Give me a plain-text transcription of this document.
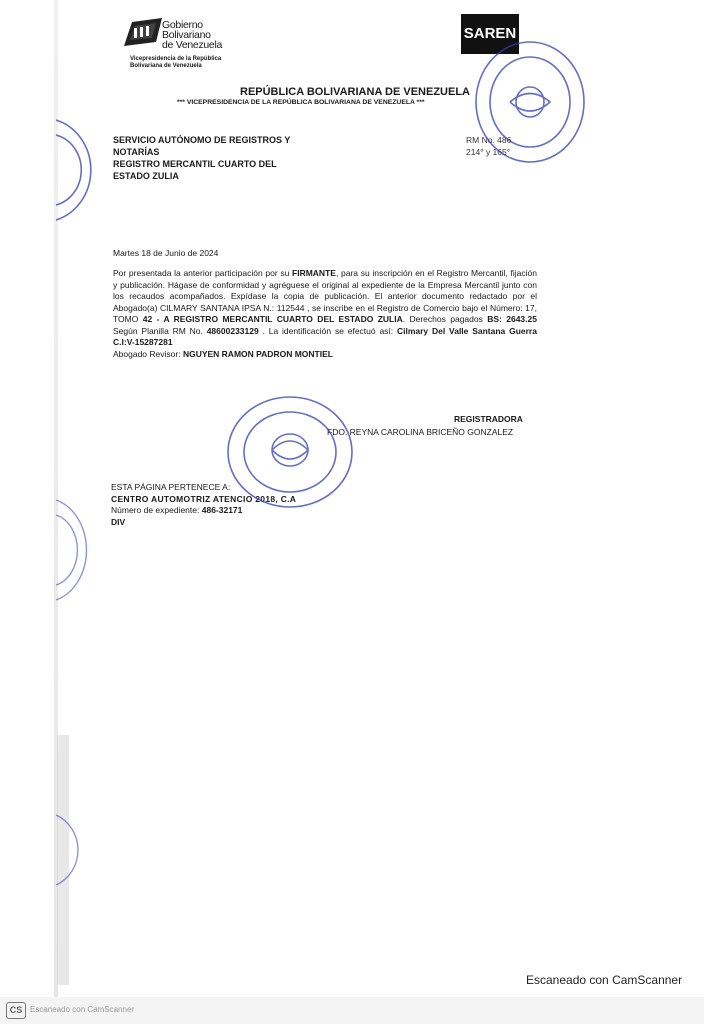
Gobierno
Bolivariano
de Venezuela
Vicepresidencia de la República
Bolivariana de Venezuela
SAREN
REPÚBLICA BOLIVARIANA DE VENEZUELA
*** VICEPRESIDENCIA DE LA REPÚBLICA BOLIVARIANA DE VENEZUELA ***
SERVICIO AUTÓNOMO DE REGISTROS Y
NOTARÍAS
REGISTRO MERCANTIL CUARTO DEL
ESTADO ZULIA
RM No. 486
214° y 165°
Martes 18 de Junio de 2024
Por presentada la anterior participación por su FIRMANTE, para su inscripción en el Registro Mercantil, fijación y publicación. Hágase de conformidad y agréguese el original al expediente de la Empresa Mercantil junto con los recaudos acompañados. Expídase la copia de publicación. El anterior documento redactado por el Abogado(a) CILMARY SANTANA IPSA N.: 112544 , se inscribe en el Registro de Comercio bajo el Número: 17, TOMO 42 - A REGISTRO MERCANTIL CUARTO DEL ESTADO ZULIA. Derechos pagados BS: 2643.25 Según Planilla RM No. 48600233129 . La identificación se efectuó así: Cilmary Del Valle Santana Guerra C.I:V-15287281
Abogado Revisor: NGUYEN RAMON PADRON MONTIEL
REGISTRADORA
FDO. REYNA CAROLINA BRICEÑO GONZALEZ
ESTA PÁGINA PERTENECE A:
CENTRO AUTOMOTRIZ ATENCIO 2018, C.A
Número de expediente: 486-32171
DIV
Escaneado con CamScanner
CS Escaneado con CamScanner
